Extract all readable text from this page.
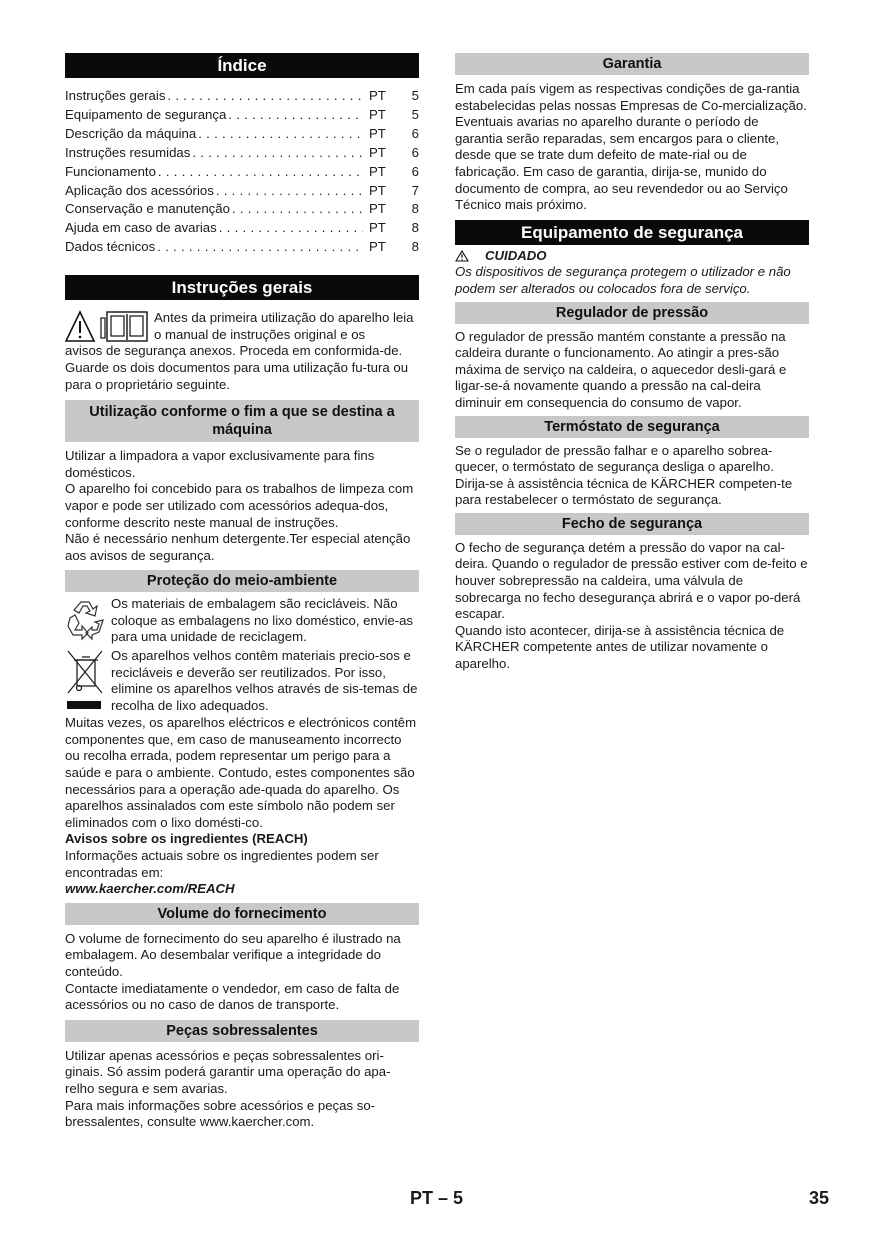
Índice
Instruções gerais . . .	PT	5
Equipamento de segurança . . .	PT	5
Descrição da máquina . . .	PT	6
Instruções resumidas . . .	PT	6
Funcionamento . . .	PT	6
Aplicação dos acessórios . . .	PT	7
Conservação e manutenção . . .	PT	8
Ajuda em caso de avarias . . .	PT	8
Dados técnicos . . .	PT	8
Instruções gerais

Antes da primeira utilização do aparelho leia o manual de instruções original e os

avisos de segurança anexos. Proceda em conformida-de. Guarde os dois documentos para uma utilização fu-tura ou para o proprietário seguinte.

Utilização conforme o fim a que se destina a máquina

Utilizar a limpadora a vapor exclusivamente para fins domésticos.
O aparelho foi concebido para os trabalhos de limpeza com vapor e pode ser utilizado com acessórios adequa-dos, conforme descrito neste manual de instruções.
Não é necessário nenhum detergente.Ter especial atenção aos avisos de segurança.

Proteção do meio-ambiente

Os materiais de embalagem são recicláveis. Não coloque as embalagens no lixo doméstico, envie-as para uma unidade de reciclagem.

Os aparelhos velhos contêm materiais precio-sos e recicláveis e deverão ser reutilizados. Por isso, elimine os aparelhos velhos através de sis-temas de recolha de lixo adequados.

Muitas vezes, os aparelhos eléctricos e electrónicos contêm componentes que, em caso de manuseamento incorrecto ou recolha errada, podem representar um perigo para a saúde e para o ambiente. Contudo, estes componentes são necessários para a operação ade-quada do aparelho. Os aparelhos assinalados com este símbolo não podem ser eliminados com o lixo domésti-co.

Avisos sobre os ingredientes (REACH)

Informações actuais sobre os ingredientes podem ser encontradas em:

www.kaercher.com/REACH

Volume do fornecimento

O volume de fornecimento do seu aparelho é ilustrado na embalagem. Ao desembalar verifique a integridade do conteúdo.
Contacte imediatamente o vendedor, em caso de falta de acessórios ou no caso de danos de transporte.

Peças sobressalentes

Utilizar apenas acessórios e peças sobressalentes ori-ginais. Só assim poderá garantir uma operação do apa-relho segura e sem avarias.
Para mais informações sobre acessórios e peças so-bressalentes, consulte www.kaercher.com.

Garantia

Em cada país vigem as respectivas condições de ga-rantia estabelecidas pelas nossas Empresas de Co-mercialização. Eventuais avarias no aparelho durante o período de garantia serão reparadas, sem encargos para o cliente, desde que se trate dum defeito de mate-rial ou de fabricação. Em caso de garantia, dirija-se, munido do documento de compra, ao seu revendedor ou ao Serviço Técnico mais próximo.

Equipamento de segurança
CUIDADO

Os dispositivos de segurança protegem o utilizador e não podem ser alterados ou colocados fora de serviço.

Regulador de pressão

O regulador de pressão mantém constante a pressão na caldeira durante o funcionamento. Ao atingir a pres-são máxima de serviço na caldeira, o aquecedor desli-gará e ligar-se-á novamente quando a pressão na cal-deira diminuir em consequencia do consumo de vapor.

Termóstato de segurança

Se o regulador de pressão falhar e o aparelho sobrea-quecer, o termóstato de segurança desliga o aparelho. Dirija-se à assistência técnica de KÄRCHER competen-te para restabelecer o termóstato de segurança.

Fecho de segurança

O fecho de segurança detém a pressão do vapor na cal-deira. Quando o regulador de pressão estiver com de-feito e houver sobrepressão na caldeira, uma válvula de sobrecarga no fecho desegurança abrirá e o vapor po-derá escapar.
Quando isto acontecer, dirija-se à assistência técnica de KÄRCHER competente antes de utilizar novamente o aparelho.

PT – 5	35
